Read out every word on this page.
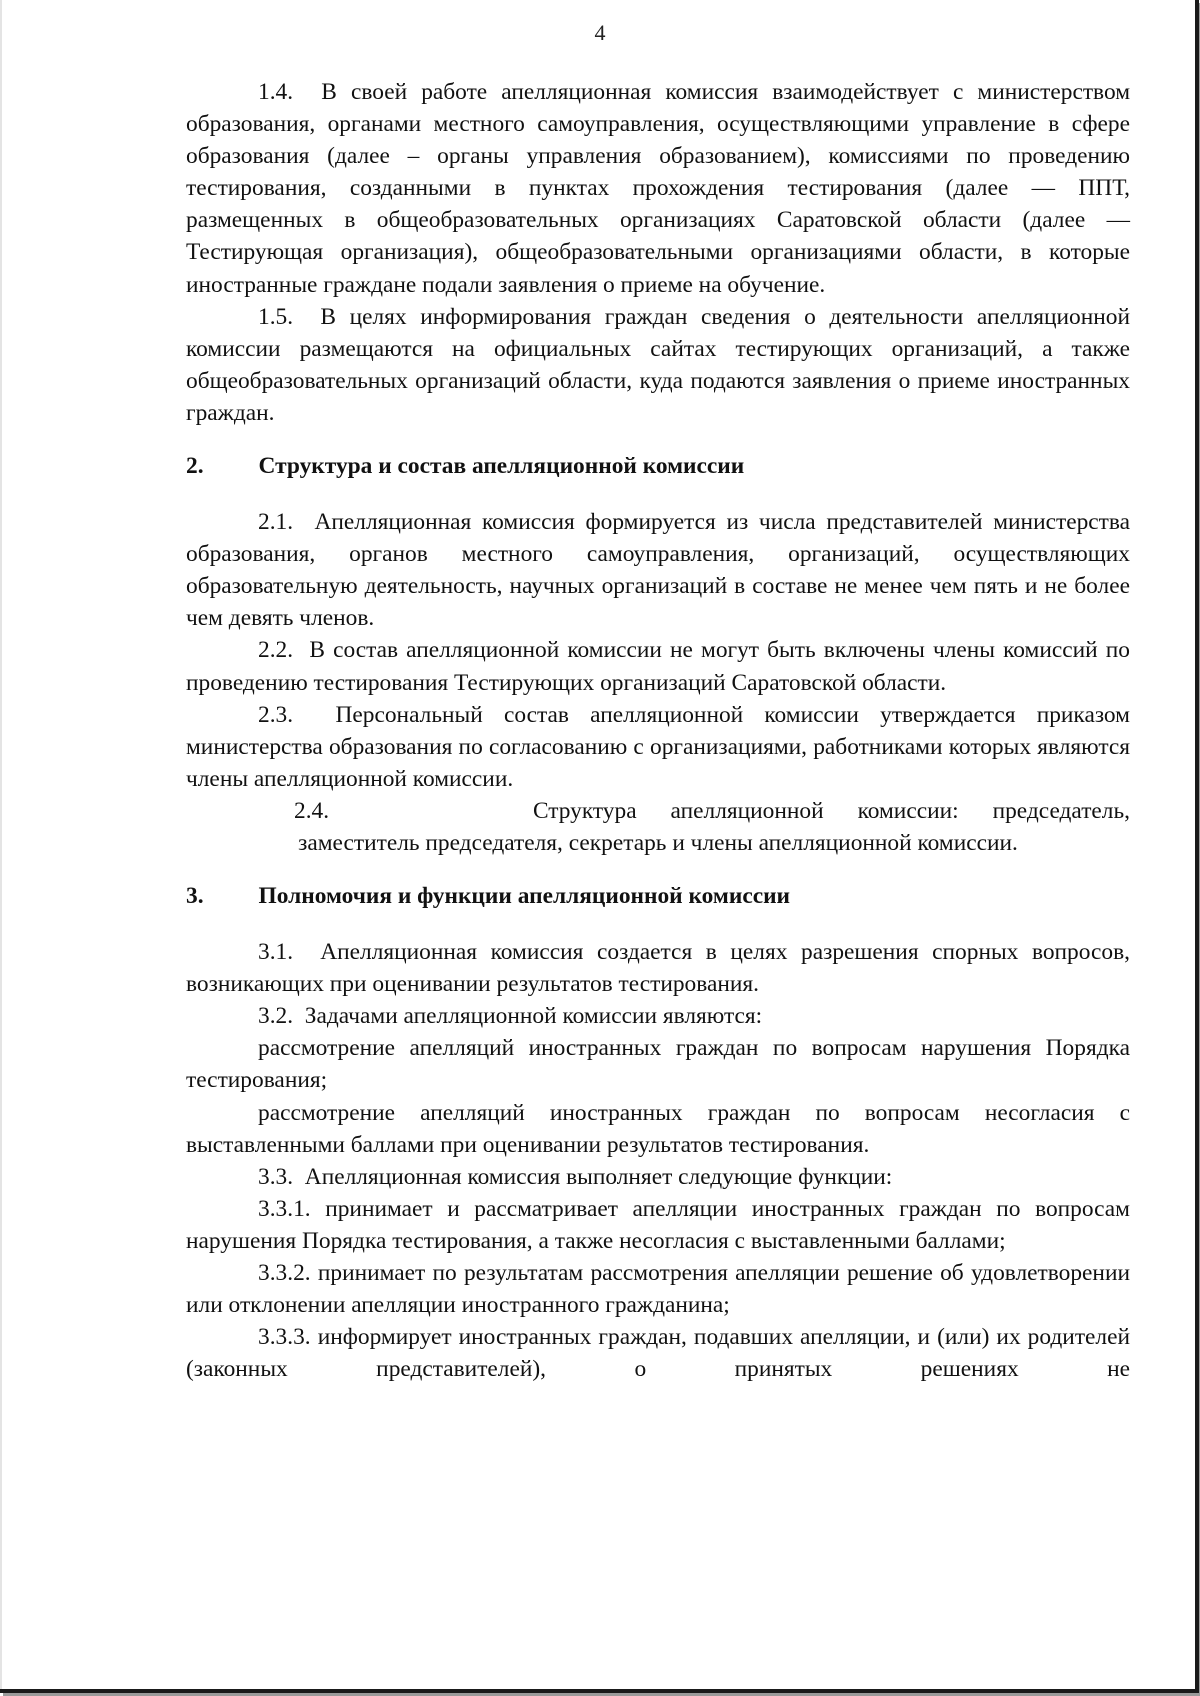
4

1.4. В своей работе апелляционная комиссия взаимодействует с министерством образования, органами местного самоуправления, осуществляющими управление в сфере образования (далее – органы управления образованием), комиссиями по проведению тестирования, созданными в пунктах прохождения тестирования (далее — ППТ, размещенных в общеобразовательных организациях Саратовской области (далее — Тестирующая организация), общеобразовательными организациями области, в которые иностранные граждане подали заявления о приеме на обучение.

1.5. В целях информирования граждан сведения о деятельности апелляционной комиссии размещаются на официальных сайтах тестирующих организаций, а также общеобразовательных организаций области, куда подаются заявления о приеме иностранных граждан.

2. Структура и состав апелляционной комиссии

2.1. Апелляционная комиссия формируется из числа представителей министерства образования, органов местного самоуправления, организаций, осуществляющих образовательную деятельность, научных организаций в составе не менее чем пять и не более чем девять членов.

2.2. В состав апелляционной комиссии не могут быть включены члены комиссий по проведению тестирования Тестирующих организаций Саратовской области.

2.3. Персональный состав апелляционной комиссии утверждается приказом министерства образования по согласованию с организациями, работниками которых являются члены апелляционной комиссии.

2.4.	Структура апелляционной комиссии: председатель,

заместитель председателя, секретарь и члены апелляционной комиссии.

3. Полномочия и функции апелляционной комиссии

3.1. Апелляционная комиссия создается в целях разрешения спорных вопросов, возникающих при оценивании результатов тестирования.

3.2. Задачами апелляционной комиссии являются:

рассмотрение апелляций иностранных граждан по вопросам нарушения Порядка тестирования;

рассмотрение апелляций иностранных граждан по вопросам несогласия с выставленными баллами при оценивании результатов тестирования.

3.3. Апелляционная комиссия выполняет следующие функции:

3.3.1. принимает и рассматривает апелляции иностранных граждан по вопросам нарушения Порядка тестирования, а также несогласия с выставленными баллами;

3.3.2. принимает по результатам рассмотрения апелляции решение об удовлетворении или отклонении апелляции иностранного гражданина;

3.3.3. информирует иностранных граждан, подавших апелляции, и (или) их родителей (законных представителей), о принятых решениях не
